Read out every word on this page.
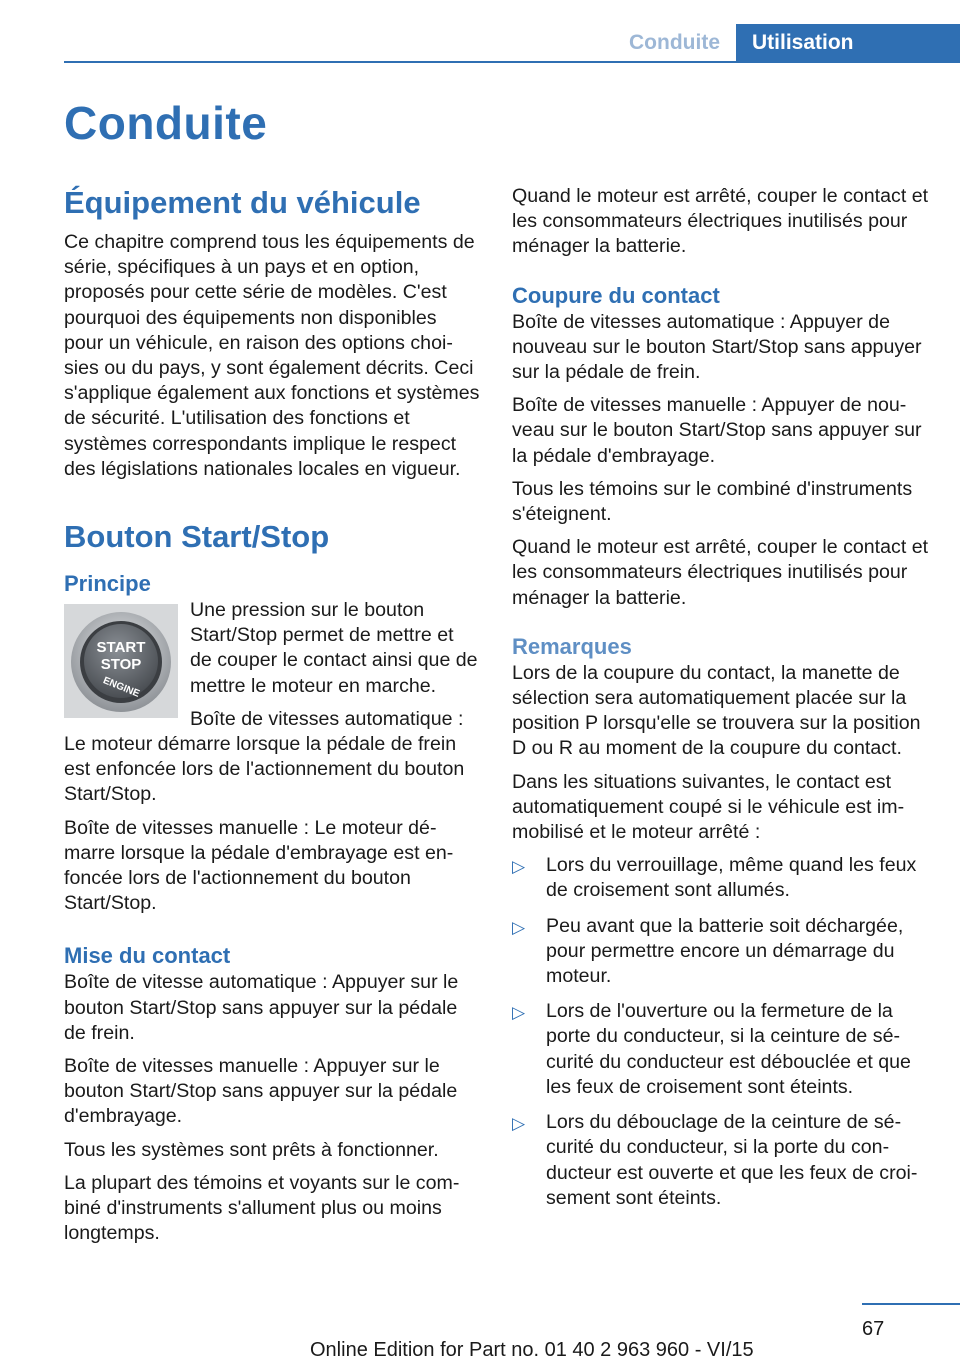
Conduite	Utilisation
Conduite
Équipement du véhicule

Ce chapitre comprend tous les équipements de série, spécifiques à un pays et en option, proposés pour cette série de modèles. C'est pourquoi des équipements non disponibles pour un véhicule, en raison des options choisies ou du pays, y sont également décrits. Ceci s'applique également aux fonctions et systèmes de sécurité. L'utilisation des fonctions et systèmes correspondants implique le respect des législations nationales locales en vigueur.

Bouton Start/Stop
Principe
START
STOP
ENGINE

Une pression sur le bouton Start/Stop permet de mettre et de couper le contact ainsi que de mettre le moteur en marche.

Boîte de vitesses automatique : Le moteur démarre lorsque la pédale de frein est enfoncée lors de l'actionnement du bouton Start/Stop.

Boîte de vitesses manuelle : Le moteur démarre lorsque la pédale d'embrayage est enfoncée lors de l'actionnement du bouton Start/Stop.

Mise du contact

Boîte de vitesse automatique : Appuyer sur le bouton Start/Stop sans appuyer sur la pédale de frein.

Boîte de vitesses manuelle : Appuyer sur le bouton Start/Stop sans appuyer sur la pédale d'embrayage.

Tous les systèmes sont prêts à fonctionner.

La plupart des témoins et voyants sur le combiné d'instruments s'allument plus ou moins longtemps.

Quand le moteur est arrêté, couper le contact et les consommateurs électriques inutilisés pour ménager la batterie.

Coupure du contact

Boîte de vitesses automatique : Appuyer de nouveau sur le bouton Start/Stop sans appuyer sur la pédale de frein.

Boîte de vitesses manuelle : Appuyer de nouveau sur le bouton Start/Stop sans appuyer sur la pédale d'embrayage.

Tous les témoins sur le combiné d'instruments s'éteignent.

Quand le moteur est arrêté, couper le contact et les consommateurs électriques inutilisés pour ménager la batterie.

Remarques

Lors de la coupure du contact, la manette de sélection sera automatiquement placée sur la position P lorsqu'elle se trouvera sur la position D ou R au moment de la coupure du contact.

Dans les situations suivantes, le contact est automatiquement coupé si le véhicule est immobilisé et le moteur arrêté :

▷ Lors du verrouillage, même quand les feux de croisement sont allumés.
▷ Peu avant que la batterie soit déchargée, pour permettre encore un démarrage du moteur.
▷ Lors de l'ouverture ou la fermeture de la porte du conducteur, si la ceinture de sécurité du conducteur est débouclée et que les feux de croisement sont éteints.
▷ Lors du débouclage de la ceinture de sécurité du conducteur, si la porte du conducteur est ouverte et que les feux de croisement sont éteints.
67
Online Edition for Part no. 01 40 2 963 960 - VI/15
